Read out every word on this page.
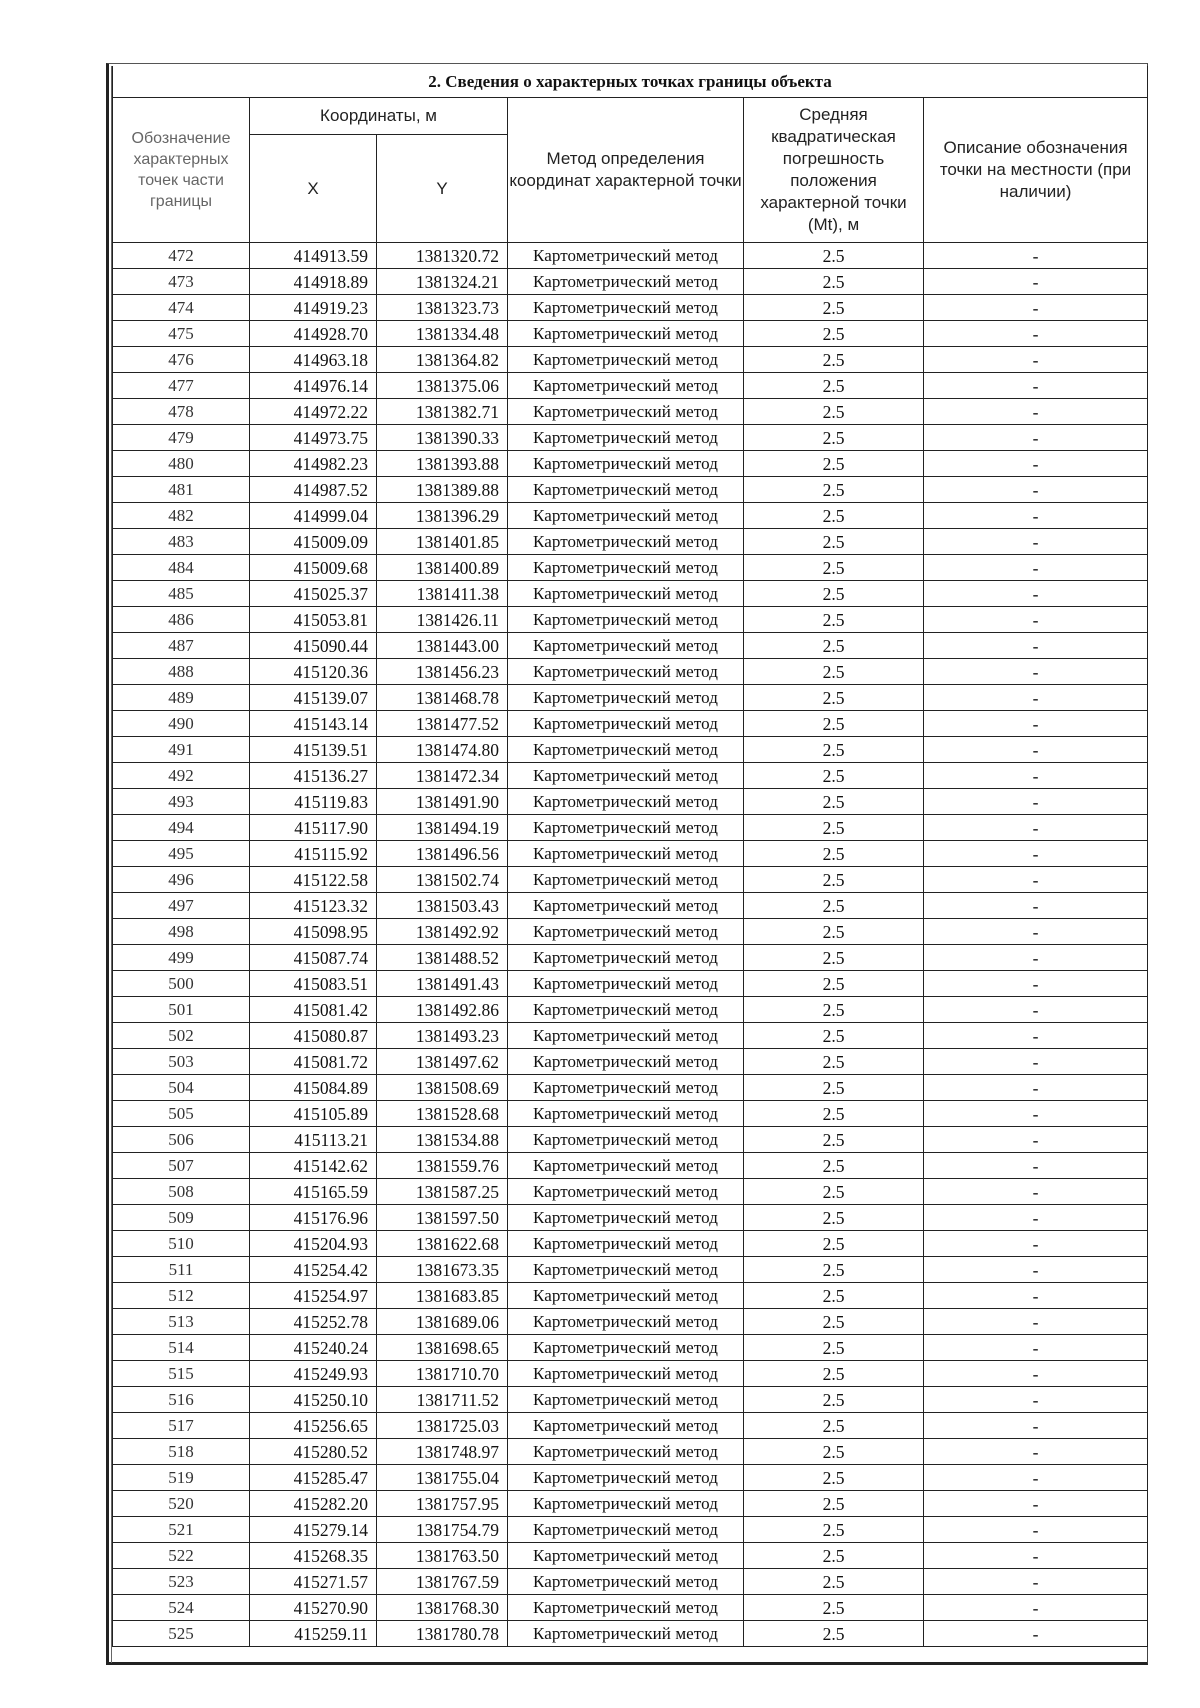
2. Сведения о характерных точках границы объекта					
Обозначение характерных точек части границы	Координаты, м		Метод определения координат характерной точки	Средняя квадратическая погрешность положения характерной точки (Mt), м	Описание обозначения точки на местности (при наличии)
	X	Y			
472	414913.59	1381320.72	Картометрический метод	2.5	-
473	414918.89	1381324.21	Картометрический метод	2.5	-
474	414919.23	1381323.73	Картометрический метод	2.5	-
475	414928.70	1381334.48	Картометрический метод	2.5	-
476	414963.18	1381364.82	Картометрический метод	2.5	-
477	414976.14	1381375.06	Картометрический метод	2.5	-
478	414972.22	1381382.71	Картометрический метод	2.5	-
479	414973.75	1381390.33	Картометрический метод	2.5	-
480	414982.23	1381393.88	Картометрический метод	2.5	-
481	414987.52	1381389.88	Картометрический метод	2.5	-
482	414999.04	1381396.29	Картометрический метод	2.5	-
483	415009.09	1381401.85	Картометрический метод	2.5	-
484	415009.68	1381400.89	Картометрический метод	2.5	-
485	415025.37	1381411.38	Картометрический метод	2.5	-
486	415053.81	1381426.11	Картометрический метод	2.5	-
487	415090.44	1381443.00	Картометрический метод	2.5	-
488	415120.36	1381456.23	Картометрический метод	2.5	-
489	415139.07	1381468.78	Картометрический метод	2.5	-
490	415143.14	1381477.52	Картометрический метод	2.5	-
491	415139.51	1381474.80	Картометрический метод	2.5	-
492	415136.27	1381472.34	Картометрический метод	2.5	-
493	415119.83	1381491.90	Картометрический метод	2.5	-
494	415117.90	1381494.19	Картометрический метод	2.5	-
495	415115.92	1381496.56	Картометрический метод	2.5	-
496	415122.58	1381502.74	Картометрический метод	2.5	-
497	415123.32	1381503.43	Картометрический метод	2.5	-
498	415098.95	1381492.92	Картометрический метод	2.5	-
499	415087.74	1381488.52	Картометрический метод	2.5	-
500	415083.51	1381491.43	Картометрический метод	2.5	-
501	415081.42	1381492.86	Картометрический метод	2.5	-
502	415080.87	1381493.23	Картометрический метод	2.5	-
503	415081.72	1381497.62	Картометрический метод	2.5	-
504	415084.89	1381508.69	Картометрический метод	2.5	-
505	415105.89	1381528.68	Картометрический метод	2.5	-
506	415113.21	1381534.88	Картометрический метод	2.5	-
507	415142.62	1381559.76	Картометрический метод	2.5	-
508	415165.59	1381587.25	Картометрический метод	2.5	-
509	415176.96	1381597.50	Картометрический метод	2.5	-
510	415204.93	1381622.68	Картометрический метод	2.5	-
511	415254.42	1381673.35	Картометрический метод	2.5	-
512	415254.97	1381683.85	Картометрический метод	2.5	-
513	415252.78	1381689.06	Картометрический метод	2.5	-
514	415240.24	1381698.65	Картометрический метод	2.5	-
515	415249.93	1381710.70	Картометрический метод	2.5	-
516	415250.10	1381711.52	Картометрический метод	2.5	-
517	415256.65	1381725.03	Картометрический метод	2.5	-
518	415280.52	1381748.97	Картометрический метод	2.5	-
519	415285.47	1381755.04	Картометрический метод	2.5	-
520	415282.20	1381757.95	Картометрический метод	2.5	-
521	415279.14	1381754.79	Картометрический метод	2.5	-
522	415268.35	1381763.50	Картометрический метод	2.5	-
523	415271.57	1381767.59	Картометрический метод	2.5	-
524	415270.90	1381768.30	Картометрический метод	2.5	-
525	415259.11	1381780.78	Картометрический метод	2.5	-
